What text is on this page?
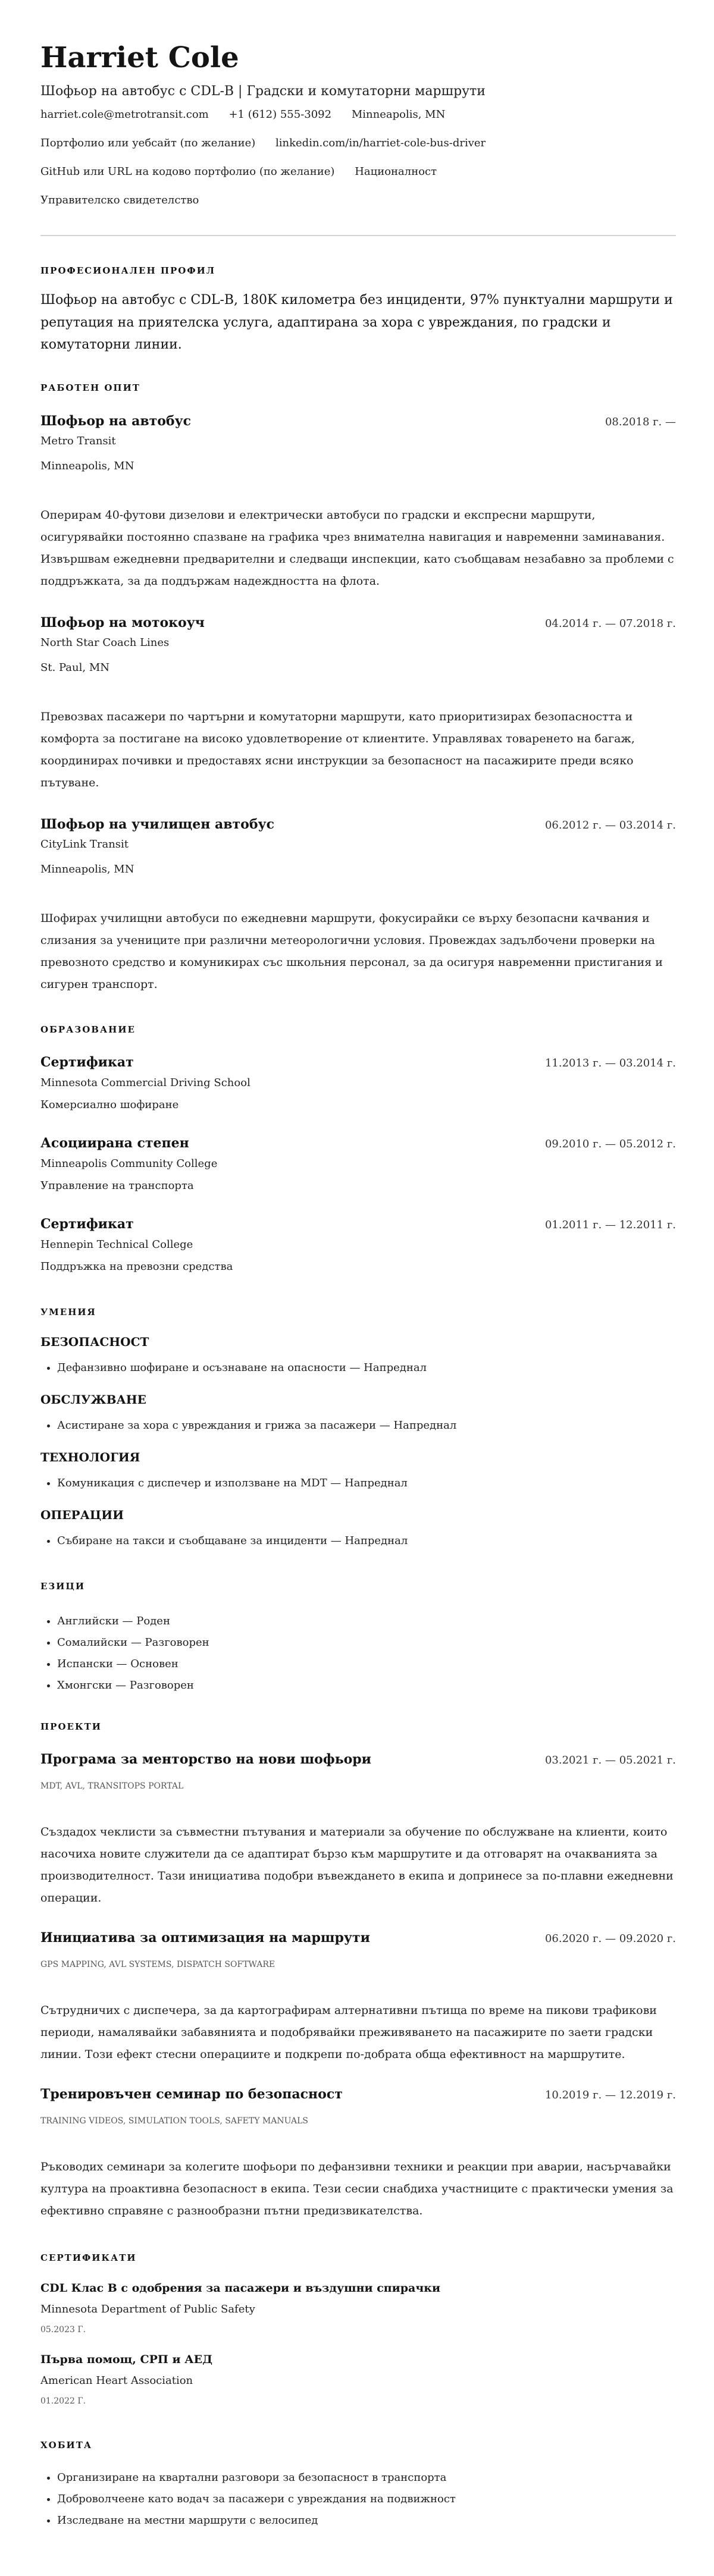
Harriet Cole
Шофьор на автобус с CDL-B | Градски и комутаторни маршрути
harriet.cole@metrotransit.com +1 (612) 555-3092 Minneapolis, MN
Портфолио или уебсайт (по желание) linkedin.com/in/harriet-cole-bus-driver
GitHub или URL на кодово портфолио (по желание) Националност
Управителско свидетелство
ПРОФЕСИОНАЛЕН ПРОФИЛ
Шофьор на автобус с CDL-B, 180K километра без инциденти, 97% пунктуални маршрути и репутация на приятелска услуга, адаптирана за хора с увреждания, по градски и комутаторни линии.
РАБОТЕН ОПИТ
Шофьор на автобус	08.2018 г. —
Metro Transit
Minneapolis, MN
Оперирам 40-футови дизелови и електрически автобуси по градски и експресни маршрути, осигурявайки постоянно спазване на графика чрез внимателна навигация и навременни заминавания. Извършвам ежедневни предварителни и следващи инспекции, като съобщавам незабавно за проблеми с поддръжката, за да поддържам надеждността на флота.
Шофьор на мотокоуч	04.2014 г. — 07.2018 г.
North Star Coach Lines
St. Paul, MN
Превозвах пасажери по чартърни и комутаторни маршрути, като приоритизирах безопасността и комфорта за постигане на високо удовлетворение от клиентите. Управлявах товаренето на багаж, координирах почивки и предоставях ясни инструкции за безопасност на пасажирите преди всяко пътуване.
Шофьор на училищен автобус	06.2012 г. — 03.2014 г.
CityLink Transit
Minneapolis, MN
Шофирах училищни автобуси по ежедневни маршрути, фокусирайки се върху безопасни качвания и слизания за учениците при различни метеорологични условия. Провеждах задълбочени проверки на превозното средство и комуникирах със школьния персонал, за да осигуря навременни пристигания и сигурен транспорт.
ОБРАЗОВАНИЕ
Сертификат	11.2013 г. — 03.2014 г.
Minnesota Commercial Driving School
Комерсиално шофиране
Асоциирана степен	09.2010 г. — 05.2012 г.
Minneapolis Community College
Управление на транспорта
Сертификат	01.2011 г. — 12.2011 г.
Hennepin Technical College
Поддръжка на превозни средства
УМЕНИЯ
БЕЗОПАСНОСТ
• Дефанзивно шофиране и осъзнаване на опасности — Напреднал
ОБСЛУЖВАНЕ
• Асистиране за хора с увреждания и грижа за пасажери — Напреднал
ТЕХНОЛОГИЯ
• Комуникация с диспечер и използване на MDT — Напреднал
ОПЕРАЦИИ
• Събиране на такси и съобщаване за инциденти — Напреднал
ЕЗИЦИ
• Английски — Роден
• Сомалийски — Разговорен
• Испански — Основен
• Хмонгски — Разговорен
ПРОЕКТИ
Програма за менторство на нови шофьори	03.2021 г. — 05.2021 г.
MDT, AVL, TRANSITOPS PORTAL
Създадох чеклисти за съвместни пътувания и материали за обучение по обслужване на клиенти, които насочиха новите служители да се адаптират бързо към маршрутите и да отговарят на очакванията за производителност. Тази инициатива подобри въвеждането в екипа и допринесе за по-плавни ежедневни операции.
Инициатива за оптимизация на маршрути	06.2020 г. — 09.2020 г.
GPS MAPPING, AVL SYSTEMS, DISPATCH SOFTWARE
Сътрудничих с диспечера, за да картографирам алтернативни пътища по време на пикови трафикови периоди, намалявайки забавянията и подобрявайки преживяването на пасажирите по заети градски линии. Този ефект стесни операциите и подкрепи по-добрата обща ефективност на маршрутите.
Тренировъчен семинар по безопасност	10.2019 г. — 12.2019 г.
TRAINING VIDEOS, SIMULATION TOOLS, SAFETY MANUALS
Ръководих семинари за колегите шофьори по дефанзивни техники и реакции при аварии, насърчавайки култура на проактивна безопасност в екипа. Тези сесии снабдиха участниците с практически умения за ефективно справяне с разнообразни пътни предизвикателства.
СЕРТИФИКАТИ
CDL Клас B с одобрения за пасажери и въздушни спирачки
Minnesota Department of Public Safety
05.2023 Г.
Първа помощ, СРП и АЕД
American Heart Association
01.2022 Г.
ХОБИТА
• Организиране на квартални разговори за безопасност в транспорта
• Доброволчеене като водач за пасажери с увреждания на подвижност
• Изследване на местни маршрути с велосипед
